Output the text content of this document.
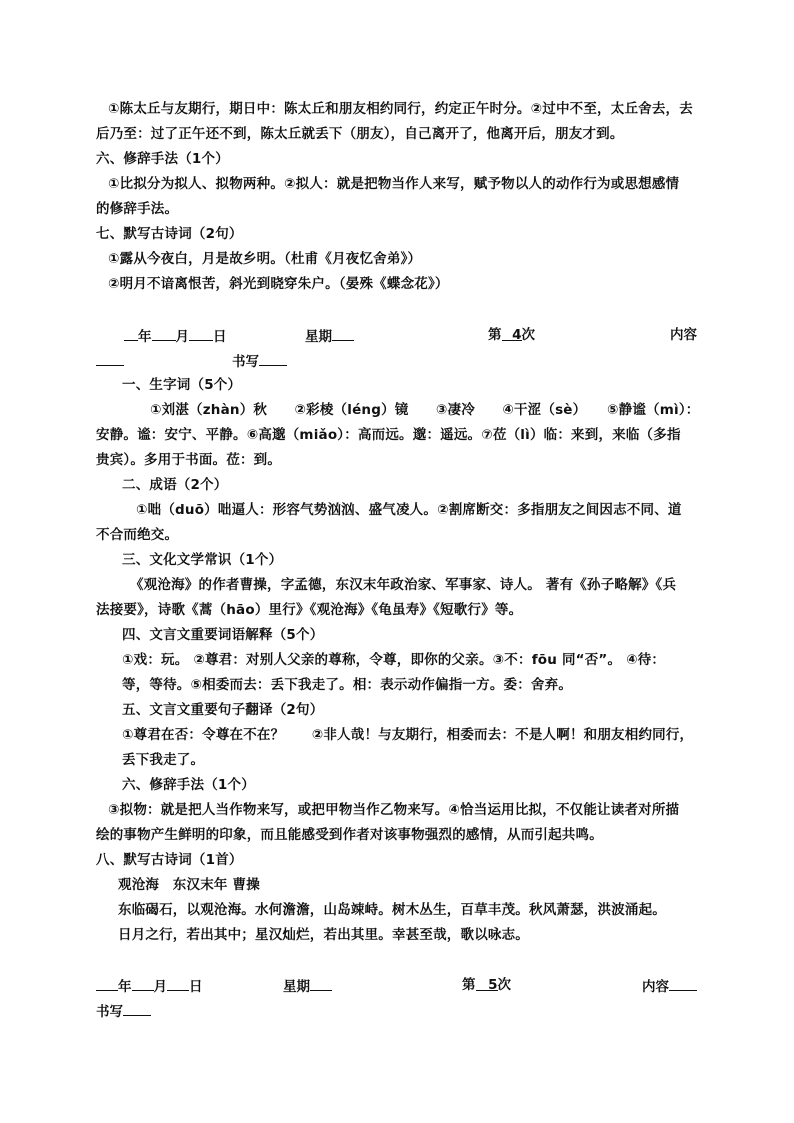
①陈太丘与友期行，期日中：陈太丘和朋友相约同行，约定正午时分。②过中不至，太丘舍去，去
后乃至：过了正午还不到，陈太丘就丢下（朋友），自己离开了，他离开后，朋友才到。
六、修辞手法（1个）
①比拟分为拟人、拟物两种。②拟人：就是把物当作人来写，赋予物以人的动作行为或思想感情
的修辞手法。
七、默写古诗词（2句）
①露从今夜白，月是故乡明。（杜甫《月夜忆舍弟》）
②明月不谙离恨苦，斜光到晓穿朱户。（晏殊《蝶念花》）
年 月 日	星期	第 4次	内容
书写
一、生字词（5个）
①刘湛（zhàn）秋　　②彩棱（léng）镜　　③凄冷　　④干涩（sè）　　⑤静谧（mì）：
安静。谧：安宁、平静。⑥高邈（miǎo）：高而远。邈：遥远。⑦莅（lì）临：来到，来临（多指
贵宾）。多用于书面。莅：到。
二、成语（2个）
①咄（duō）咄逼人：形容气势汹汹、盛气凌人。②割席断交：多指朋友之间因志不同、道
不合而绝交。
三、文化文学常识（1个）
《观沧海》的作者曹操，字孟德，东汉末年政治家、军事家、诗人。 著有《孙子略解》《兵
法接要》，诗歌《蒿（hāo）里行》《观沧海》《龟虽寿》《短歌行》等。
四、文言文重要词语解释（5个）
①戏：玩。 ②尊君：对别人父亲的尊称，令尊，即你的父亲。③不：fōu 同“否”。 ④待：
等，等待。⑤相委而去：丢下我走了。相：表示动作偏指一方。委：舍弃。
五、文言文重要句子翻译（2句）
①尊君在否：令尊在不在？　　②非人哉！与友期行，相委而去：不是人啊！和朋友相约同行，
丢下我走了。
六、修辞手法（1个）
③拟物：就是把人当作物来写，或把甲物当作乙物来写。④恰当运用比拟，不仅能让读者对所描
绘的事物产生鲜明的印象，而且能感受到作者对该事物强烈的感情，从而引起共鸣。
八、默写古诗词（1首）
观沧海　东汉末年 曹操
东临碣石，以观沧海。水何澹澹，山岛竦峙。树木丛生，百草丰茂。秋风萧瑟，洪波涌起。
日月之行，若出其中；星汉灿烂，若出其里。幸甚至哉，歌以咏志。
年 月 日	星期	第 5次	内容
书写
